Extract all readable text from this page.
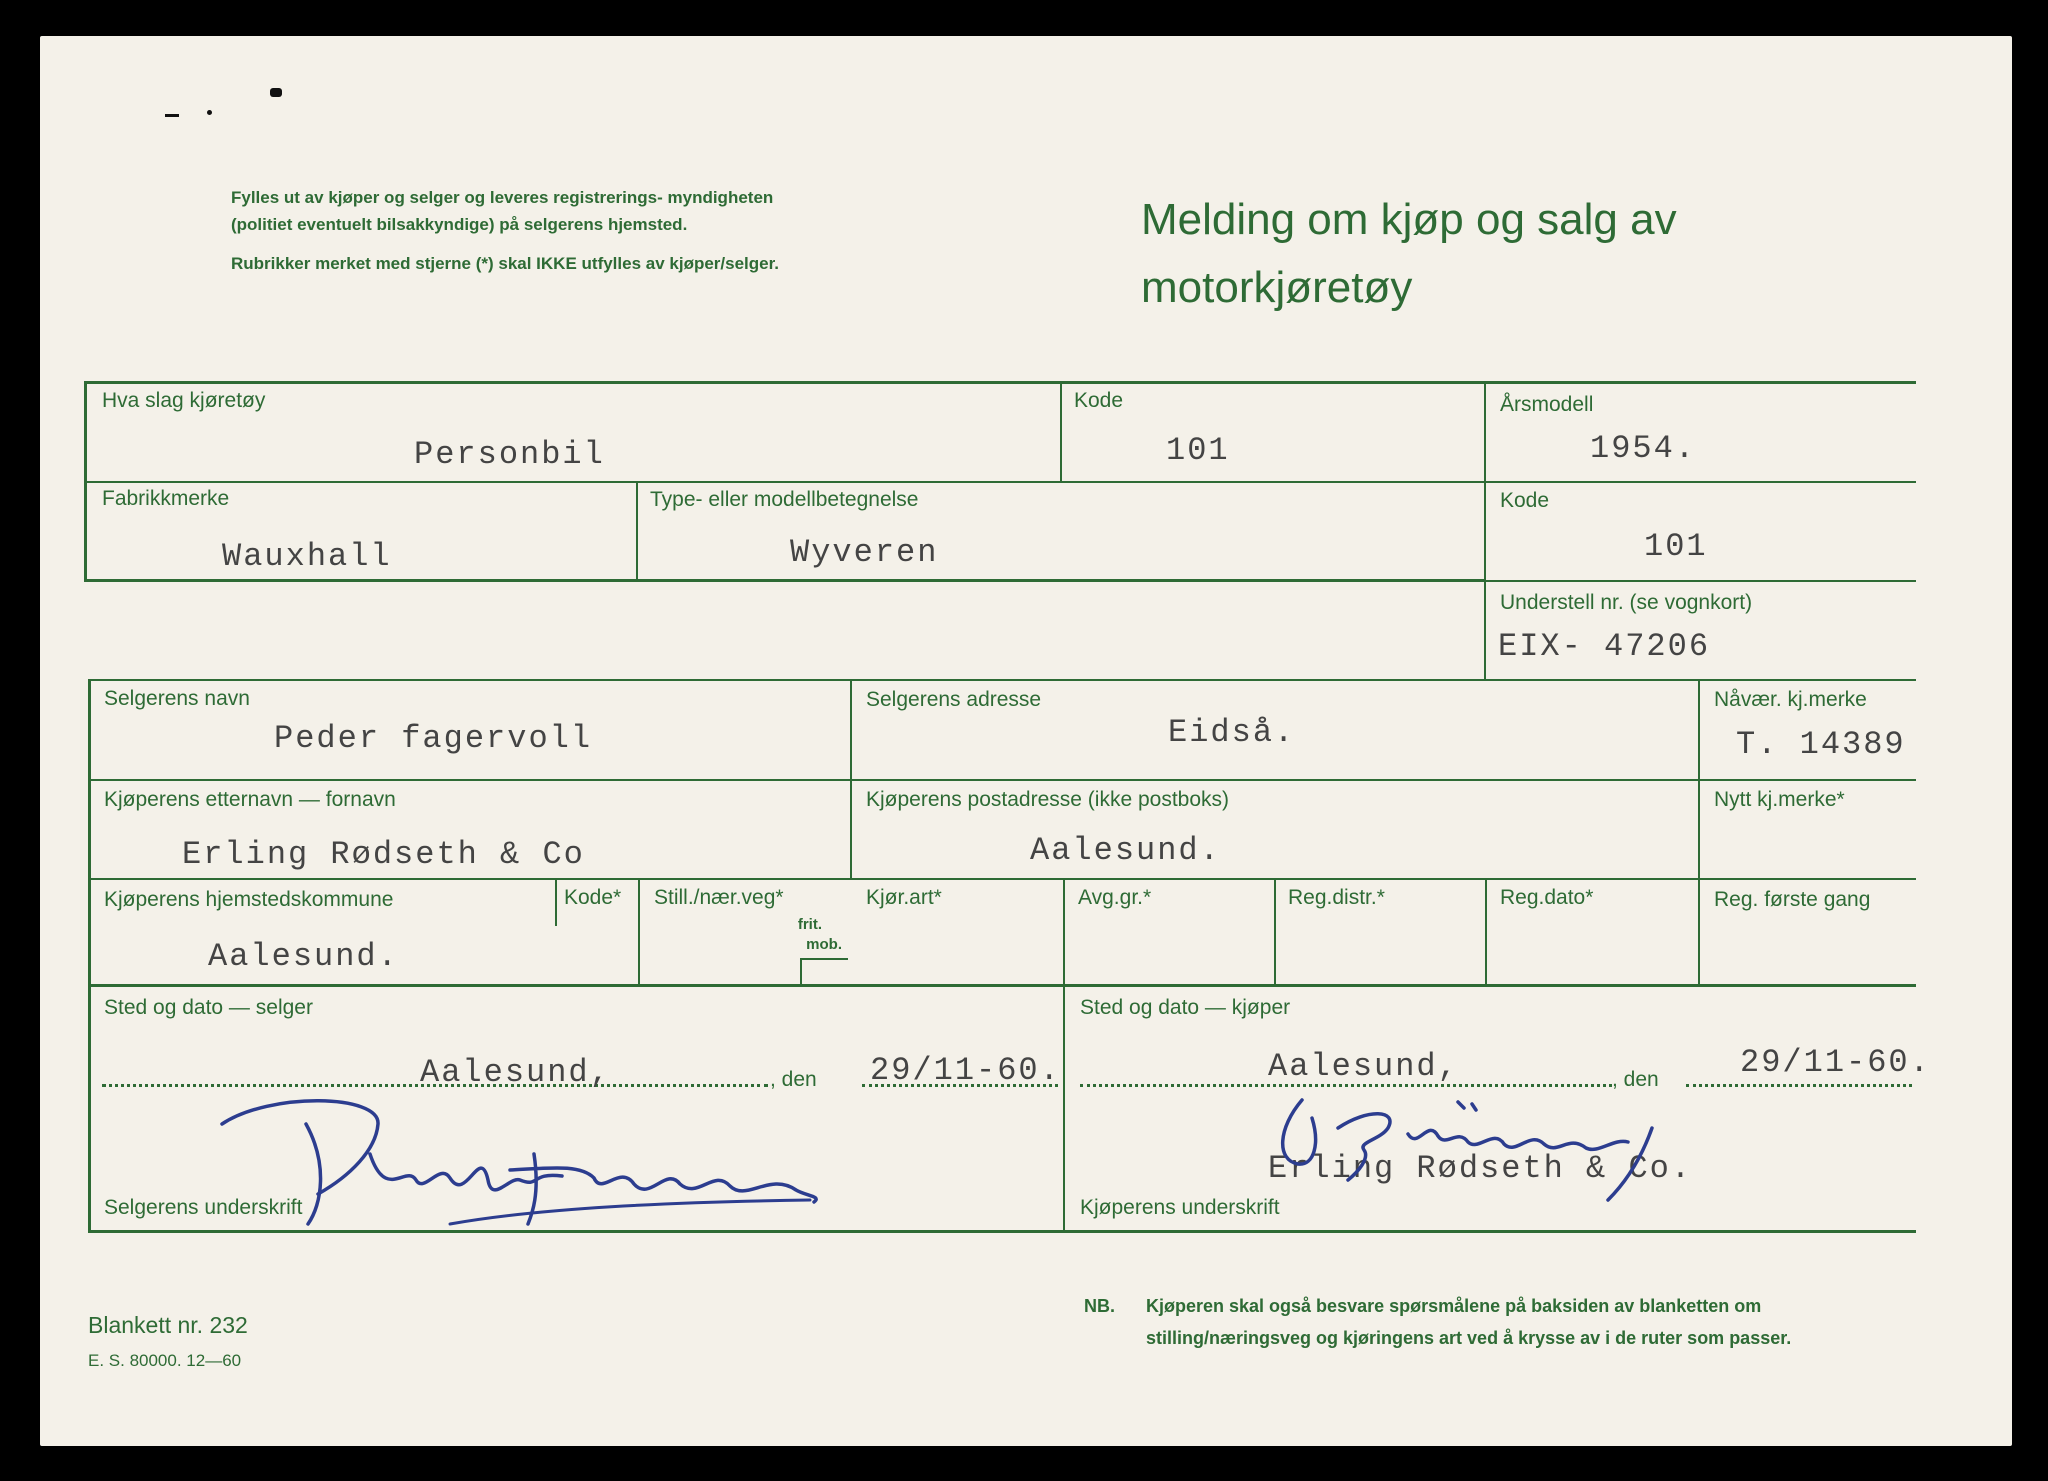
Fylles ut av kjøper og selger og leveres registrerings- myndigheten (politiet eventuelt bilsakkyndige) på selgerens hjemsted.

Rubrikker merket med stjerne (*) skal IKKE utfylles av kjøper/selger.

Melding om kjøp og salg av
motorkjøretøy
Hva slag kjøretøy
Personbil
Kode
101
Årsmodell
1954.
Fabrikkmerke
Wauxhall
Type- eller modellbetegnelse
Wyveren
Kode
101
Understell nr. (se vognkort)
EIX- 47206
Selgerens navn
Peder fagervoll
Selgerens adresse
Eidså.
Nåvær. kj.merke
T. 14389
Kjøperens etternavn — fornavn
Erling Rødseth & Co
Kjøperens postadresse (ikke postboks)
Aalesund.
Nytt kj.merke*
Kjøperens hjemstedskommune
Aalesund.
Kode* Still./nær.veg*
frit.
mob.
Kjør.art*	Avg.gr.*	Reg.distr.*	Reg.dato*	Reg. første gang
Sted og dato — selger
Aalesund,	, den 29/11-60.
Selgerens underskrift
Sted og dato — kjøper
Aalesund,	, den	29/11-60.
Erling Rødseth & Co.
Kjøperens underskrift
Blankett nr. 232
E. S. 80000. 12—60
NB. Kjøperen skal også besvare spørsmålene på baksiden av blanketten om stilling/næringsveg og kjøringens art ved å krysse av i de ruter som passer.
